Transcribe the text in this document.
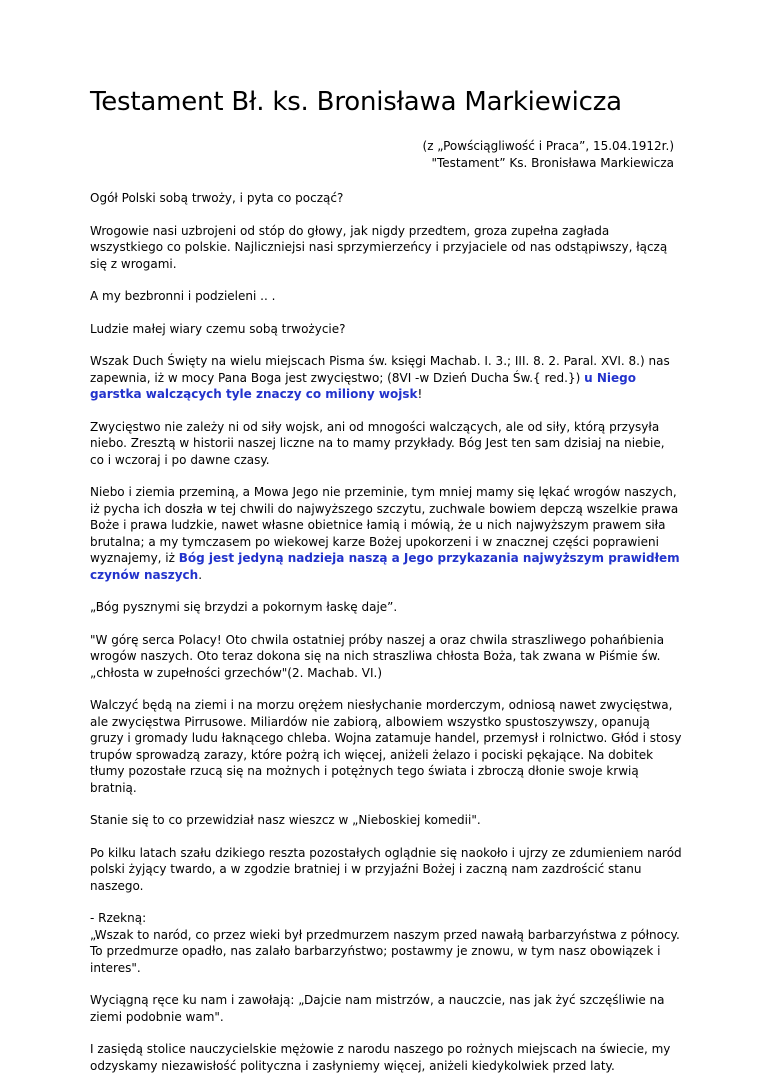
Testament Bł. ks. Bronisława Markiewicza
(z „Powściągliwość i Praca”, 15.04.1912r.)
"Testament” Ks. Bronisława Markiewicza

Ogół Polski sobą trwoży, i pyta co począć?

Wrogowie nasi uzbrojeni od stóp do głowy, jak nigdy przedtem, groza zupełna zagłada wszystkiego co polskie. Najliczniejsi nasi sprzymierzeńcy i przyjaciele od nas odstąpiwszy, łączą się z wrogami.

A my bezbronni i podzieleni .. .

Ludzie małej wiary czemu sobą trwożycie?

Wszak Duch Święty na wielu miejscach Pisma św. księgi Machab. I. 3.; III. 8. 2. Paral. XVI. 8.) nas zapewnia, iż w mocy Pana Boga jest zwycięstwo; (8VI -w Dzień Ducha Św.{ red.}) u Niego garstka walczących tyle znaczy co miliony wojsk!

Zwycięstwo nie zależy ni od siły wojsk, ani od mnogości walczących, ale od siły, którą przysyła niebo. Zresztą w historii naszej liczne na to mamy przykłady. Bóg Jest ten sam dzisiaj na niebie, co i wczoraj i po dawne czasy.

Niebo i ziemia przeminą, a Mowa Jego nie przeminie, tym mniej mamy się lękać wrogów naszych, iż pycha ich doszła w tej chwili do najwyższego szczytu, zuchwale bowiem depczą wszelkie prawa Boże i prawa ludzkie, nawet własne obietnice łamią i mówią, że u nich najwyższym prawem siła brutalna; a my tymczasem po wiekowej karze Bożej upokorzeni i w znacznej części poprawieni wyznajemy, iż Bóg jest jedyną nadzieja naszą a Jego przykazania najwyższym prawidłem czynów naszych.

„Bóg pysznymi się brzydzi a pokornym łaskę daje”.

"W górę serca Polacy! Oto chwila ostatniej próby naszej a oraz chwila straszliwego pohańbienia wrogów naszych. Oto teraz dokona się na nich straszliwa chłosta Boża, tak zwana w Piśmie św. „chłosta w zupełności grzechów"(2. Machab. VI.)

Walczyć będą na ziemi i na morzu orężem niesłychanie morderczym, odniosą nawet zwycięstwa, ale zwycięstwa Pirrusowe. Miliardów nie zabiorą, albowiem wszystko spustoszywszy, opanują gruzy i gromady ludu łaknącego chleba. Wojna zatamuje handel, przemysł i rolnictwo. Głód i stosy trupów sprowadzą zarazy, które pożrą ich więcej, aniżeli żelazo i pociski pękające. Na dobitek tłumy pozostałe rzucą się na możnych i potężnych tego świata i zbroczą dłonie swoje krwią bratnią.

Stanie się to co przewidział nasz wieszcz w „Nieboskiej komedii".

Po kilku latach szału dzikiego reszta pozostałych oglądnie się naokoło i ujrzy ze zdumieniem naród polski żyjący twardo, a w zgodzie bratniej i w przyjaźni Bożej i zaczną nam zazdrościć stanu naszego.

- Rzekną:
„Wszak to naród, co przez wieki był przedmurzem naszym przed nawałą barbarzyństwa z północy. To przedmurze opadło, nas zalało barbarzyństwo; postawmy je znowu, w tym nasz obowiązek i interes".

Wyciągną ręce ku nam i zawołają: „Dajcie nam mistrzów, a nauczcie, nas jak żyć szczęśliwie na ziemi podobnie wam".

I zasiędą stolice nauczycielskie mężowie z narodu naszego po rożnych miejscach na świecie, my odzyskamy niezawisłość polityczna i zasłyniemy więcej, aniżeli kiedykolwiek przed laty.
